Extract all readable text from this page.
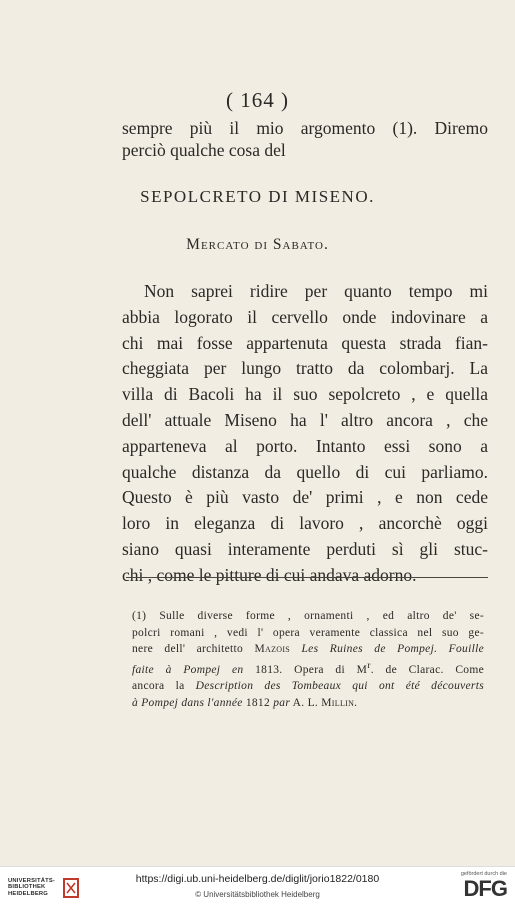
( 164 )
sempre più il mio argomento (1). Diremo
perciò qualche cosa del
SEPOLCRETO DI MISENO.
Mercato di Sabato.
Non saprei ridire per quanto tempo mi
abbia logorato il cervello onde indovinare a
chi mai fosse appartenuta questa strada fian-
cheggiata per lungo tratto da colombarj. La
villa di Bacoli ha il suo sepolcreto , e quella
dell' attuale Miseno ha l' altro ancora , che
apparteneva al porto. Intanto essi sono a
qualche distanza da quello di cui parliamo.
Questo è più vasto de' primi , e non cede
loro in eleganza di lavoro , ancorchè oggi
siano quasi interamente perduti sì gli stuc-
chi , come le pitture di cui andava adorno.
(1) Sulle diverse forme , ornamenti , ed altro de' se-
polcri romani , vedi l' opera veramente classica nel suo ge-
nere dell' architetto Mazois Les Ruines de Pompej. Fouille
faite à Pompej en 1813. Opera di $M^r$. de Clarac. Come
ancora la Description des Tombeaux qui ont été découverts
à Pompej dans l'année 1812 par A. L. Millin.
UNIVERSITÄTS-
BIBLIOTHEK
HEIDELBERG
https://digi.ub.uni-heidelberg.de/diglit/jorio1822/0180
© Universitätsbibliothek Heidelberg
gefördert durch die
DFG
